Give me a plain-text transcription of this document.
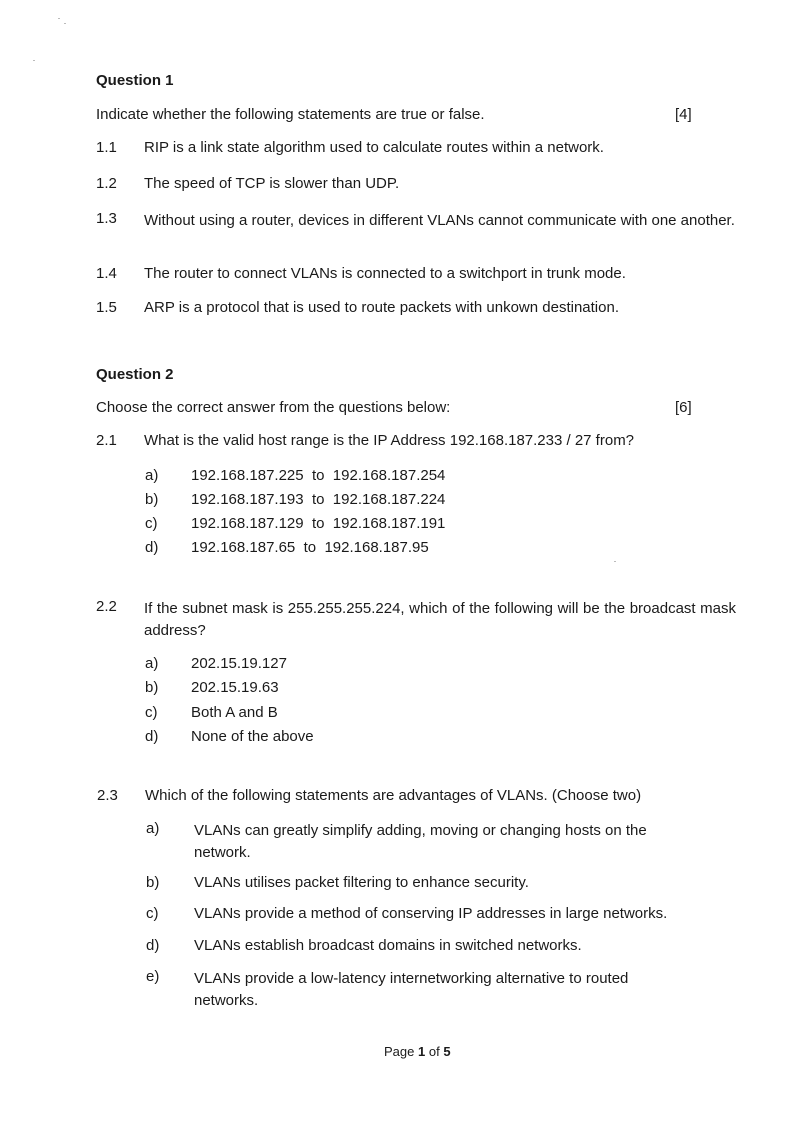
Question 1
Indicate whether the following statements are true or false.	[4]
1.1 RIP is a link state algorithm used to calculate routes within a network.
1.2 The speed of TCP is slower than UDP.
1.3 Without using a router, devices in different VLANs cannot communicate with one another.
1.4 The router to connect VLANs is connected to a switchport in trunk mode.
1.5 ARP is a protocol that is used to route packets with unkown destination.
Question 2
Choose the correct answer from the questions below:	[6]
2.1 What is the valid host range is the IP Address 192.168.187.233 / 27 from?
a) 192.168.187.225  to  192.168.187.254
b) 192.168.187.193  to  192.168.187.224
c) 192.168.187.129  to  192.168.187.191
d) 192.168.187.65  to  192.168.187.95
2.2 If the subnet mask is 255.255.255.224, which of the following will be the broadcast mask address?
a) 202.15.19.127
b) 202.15.19.63
c) Both A and B
d) None of the above
2.3 Which of the following statements are advantages of VLANs. (Choose two)
a) VLANs can greatly simplify adding, moving or changing hosts on the network.
b) VLANs utilises packet filtering to enhance security.
c) VLANs provide a method of conserving IP addresses in large networks.
d) VLANs establish broadcast domains in switched networks.
e) VLANs provide a low-latency internetworking alternative to routed networks.
Page 1 of 5
